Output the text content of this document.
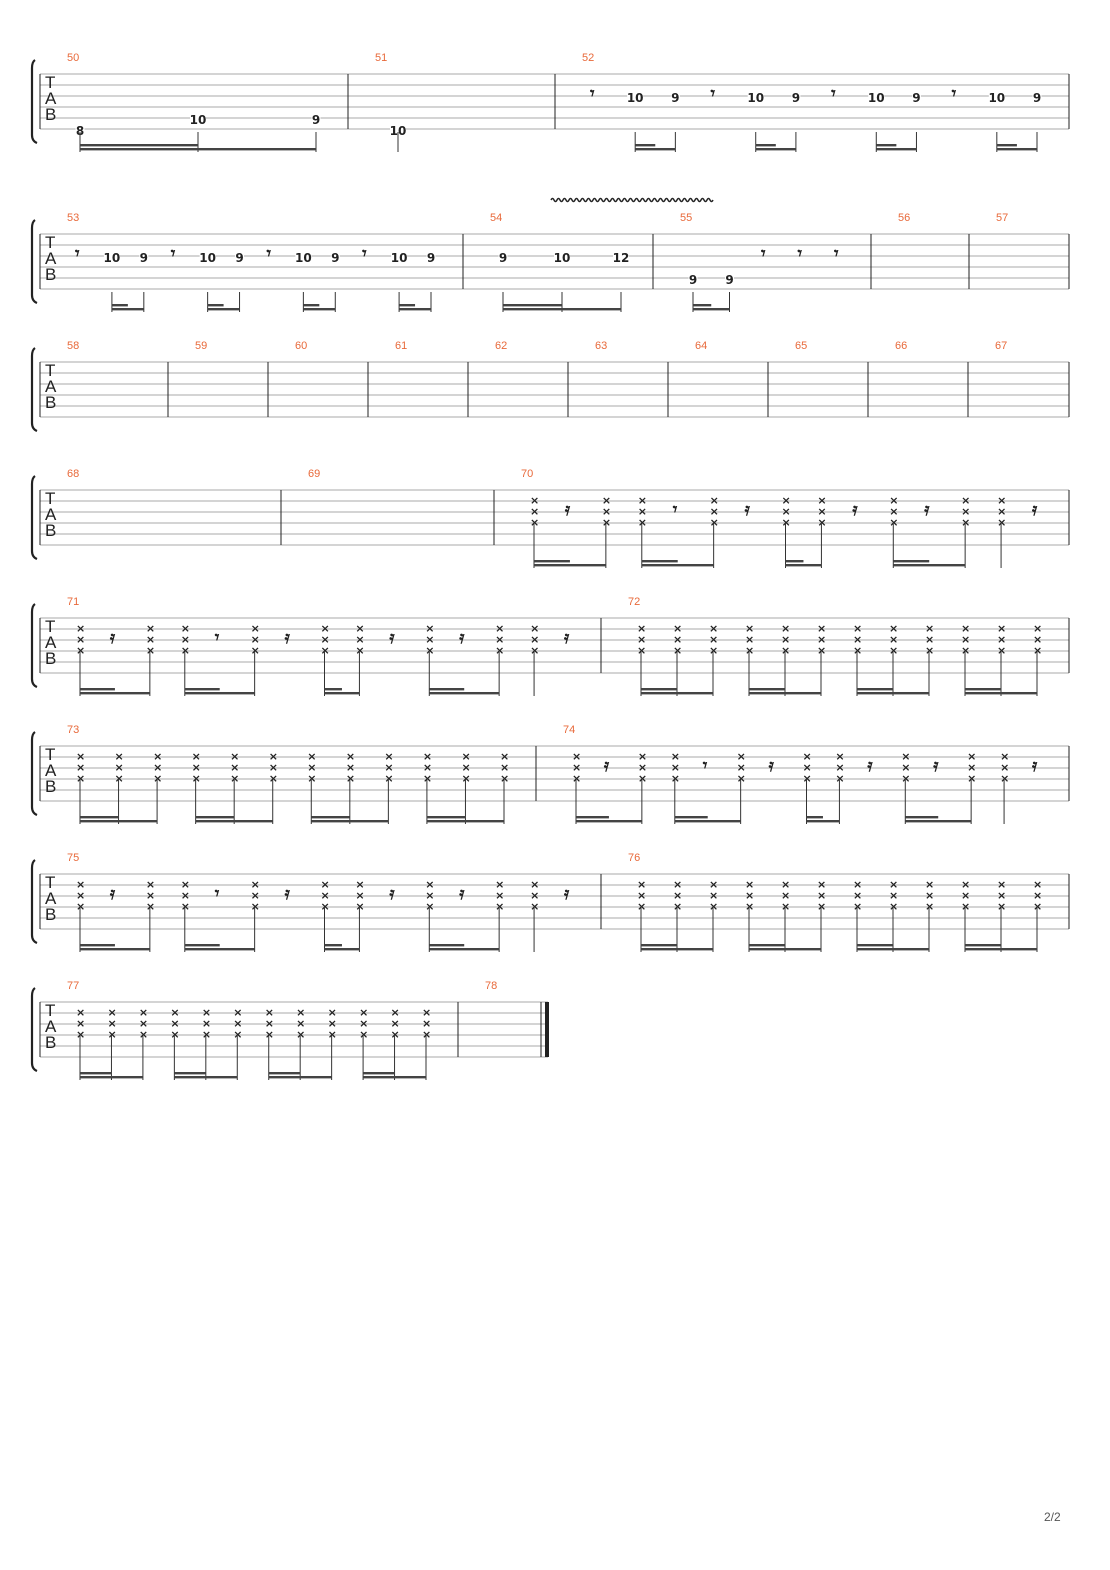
T
A
B
50
8
10	9
51
10
52
𝄾	10 9 𝄾	10 9 𝄾	10 9 𝄾	10 9
T
A
B
53
𝄾 10 9 𝄾 10 9 𝄾 10 9 𝄾 10 9
54
9	10	12
55
9 9
𝄾 𝄾 𝄾
56	57
T
A
B
58	59	60	61	62	63	64	65	66	67
T
A
B
68	69	70
×
×
×
𝄿	×
×
×
×
×
×
𝄾	×
×
×
𝄿	×
×
×
×
×
×
𝄿	×
×
×
𝄿	×
×
×
×
×
×
𝄿
T
A
B
71
×
×
×
𝄿	×
×
×
×
×
×
𝄾	×
×
×
𝄿	×
×
×
×
×
×
𝄿	×
×
×
𝄿	×
×
×
×
×
×
𝄿
72
×
×
×
×
×
×
×
×
×
×
×
×
×
×
×
×
×
×
×
×
×
×
×
×
×
×
×
×
×
×
×
×
×
×
×
×
T
A
B
73
×
×
×
×
×
×
×
×
×
×
×
×
×
×
×
×
×
×
×
×
×
×
×
×
×
×
×
×
×
×
×
×
×
×
×
×
74
×
×
×
𝄿	×
×
×
×
×
×
𝄾	×
×
×
𝄿	×
×
×
×
×
×
𝄿	×
×
×
𝄿	×
×
×
×
×
×
𝄿
T
A
B
75
×
×
×
𝄿	×
×
×
×
×
×
𝄾	×
×
×
𝄿	×
×
×
×
×
×
𝄿	×
×
×
𝄿	×
×
×
×
×
×
𝄿
76
×
×
×
×
×
×
×
×
×
×
×
×
×
×
×
×
×
×
×
×
×
×
×
×
×
×
×
×
×
×
×
×
×
×
×
×
T
A
B
77
×
×
×
×
×
×
×
×
×
×
×
×
×
×
×
×
×
×
×
×
×
×
×
×
×
×
×
×
×
×
×
×
×
×
×
×
78
2/2
